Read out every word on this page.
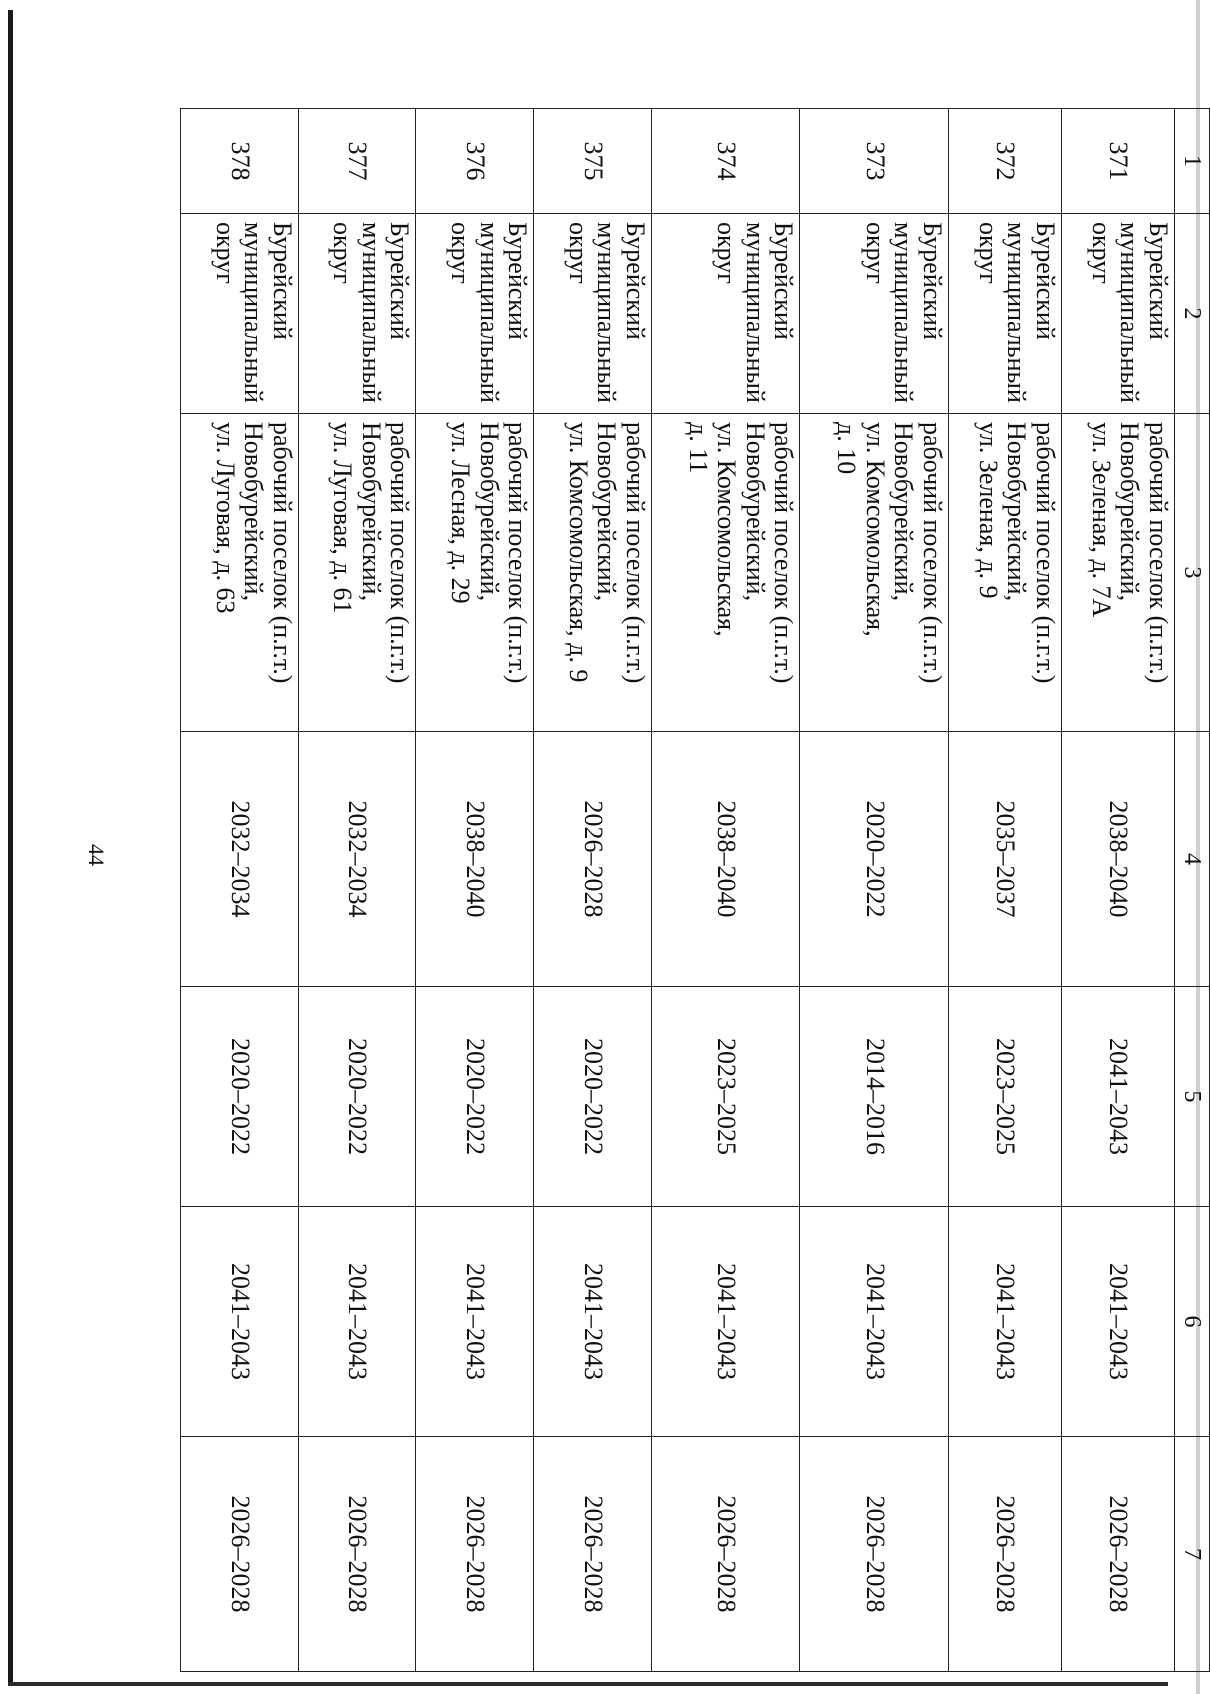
44
1	2	3	4	5	6	7
371	Бурейский
муниципальный
округ	рабочий поселок (п.г.т.)
Новобурейский,
ул. Зеленая, д. 7А	2038–2040	2041–2043	2041–2043	2026–2028
372	Бурейский
муниципальный
округ	рабочий поселок (п.г.т.)
Новобурейский,
ул. Зеленая, д. 9	2035–2037	2023–2025	2041–2043	2026–2028
373	Бурейский
муниципальный
округ	рабочий поселок (п.г.т.)
Новобурейский,
ул. Комсомольская,
д. 10	2020–2022	2014–2016	2041–2043	2026–2028
374	Бурейский
муниципальный
округ	рабочий поселок (п.г.т.)
Новобурейский,
ул. Комсомольская,
д. 11	2038–2040	2023–2025	2041–2043	2026–2028
375	Бурейский
муниципальный
округ	рабочий поселок (п.г.т.)
Новобурейский,
ул. Комсомольская, д. 9	2026–2028	2020–2022	2041–2043	2026–2028
376	Бурейский
муниципальный
округ	рабочий поселок (п.г.т.)
Новобурейский,
ул. Лесная, д. 29	2038–2040	2020–2022	2041–2043	2026–2028
377	Бурейский
муниципальный
округ	рабочий поселок (п.г.т.)
Новобурейский,
ул. Луговая, д. 61	2032–2034	2020–2022	2041–2043	2026–2028
378	Бурейский
муниципальный
округ	рабочий поселок (п.г.т.)
Новобурейский,
ул. Луговая, д. 63	2032–2034	2020–2022	2041–2043	2026–2028
